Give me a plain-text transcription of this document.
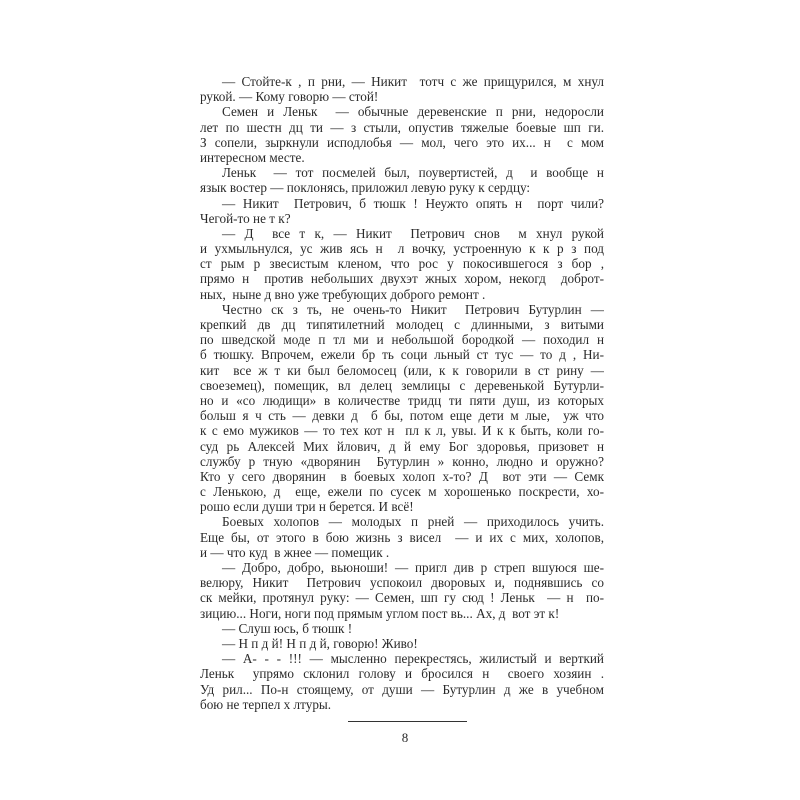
— Стойте-к , п рни, — Никит  тотч с же прищурился, м хнул
рукой. — Кому говорю — стой!
Семен и Леньк  — обычные деревенские п рни, недоросли
лет по шестн дц ти — з стыли, опустив тяжелые боевые шп ги.
З сопели, зыркнули исподлобья — мол, чего это их... н  с мом
интересном месте.
Леньк  — тот посмелей был, поувертистей, д  и вообще н
язык востер — поклонясь, приложил левую руку к сердцу:
— Никит  Петрович, б тюшк ! Неужто опять н  порт чили?
Чегой-то не т к?
— Д  все т к, — Никит  Петрович снов  м хнул рукой
и ухмыльнулся, ус жив ясь н  л вочку, устроенную к к р з под
ст рым р звесистым кленом, что рос у покосившегося з бор ,
прямо н  против небольших двухэт жных хором, некогд  доброт-
ных,  ныне д вно уже требующих доброго ремонт .
Честно ск з ть, не очень-то Никит  Петрович Бутурлин —
крепкий дв дц типятилетний молодец с длинными, з витыми
по шведской моде п тл ми и небольшой бородкой — походил н
б тюшку. Впрочем, ежели бр ть соци льный ст тус — то д , Ни-
кит  все ж т ки был беломосец (или, к к говорили в ст рину —
своеземец), помещик, вл делец землицы с деревенькой Бутурли-
но и «со людищи» в количестве тридц ти пяти душ, из которых
больш я ч сть — девки д  б бы, потом еще дети м лые,  уж что
к с емо мужиков — то тех кот н  пл к л, увы. И к к быть, коли го-
суд рь Алексей Мих йлович, д й ему Бог здоровья, призовет н
службу р тную «дворянин  Бутурлин » конно, людно и оружно?
Кто у сего дворянин  в боевых холоп х-то? Д  вот эти — Семк
с Ленькою, д  еще, ежели по сусек м хорошенько поскрести, хо-
рошо если души три н берется. И всё!
Боевых холопов — молодых п рней — приходилось учить.
Еще бы, от этого в бою жизнь з висел  — и их с мих, холопов,
и — что куд  в жнее — помещик .
— Добро, добро, вьюноши! — пригл див р стреп вшуюся ше-
велюру, Никит  Петрович успокоил дворовых и, поднявшись со
ск мейки, протянул руку: — Семен, шп гу сюд ! Леньк  — н  по-
зицию... Ноги, ноги под прямым углом пост вь... Ах, д  вот эт к!
— Слуш юсь, б тюшк !
— Н п д й! Н п д й, говорю! Живо!
— А- - - !!! — мысленно перекрестясь, жилистый и верткий
Леньк  упрямо склонил голову и бросился н  своего хозяин .
Уд рил... По-н стоящему, от души — Бутурлин д же в учебном
бою не терпел х лтуры.
8
